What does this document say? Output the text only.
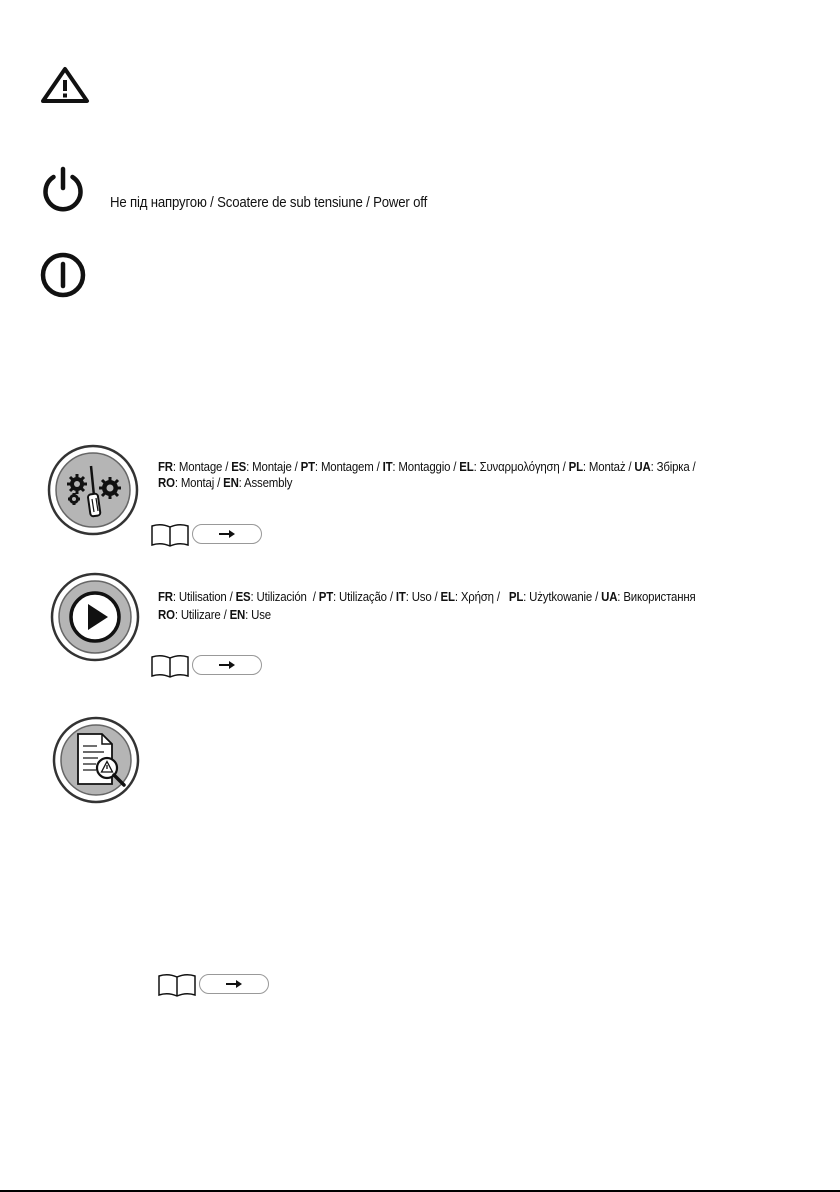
Не під напругою / Scoatere de sub tensiune / Power off
FR: Montage / ES: Montaje / PT: Montagem / IT: Montaggio / EL: Συναρμολόγηση / PL: Montaż / UA: Збірка /
RO: Montaj / EN: Assembly
FR: Utilisation / ES: Utilización  / PT: Utilização / IT: Uso / EL: Χρήση /   PL: Użytkowanie / UA: Використання
RO: Utilizare / EN: Use
